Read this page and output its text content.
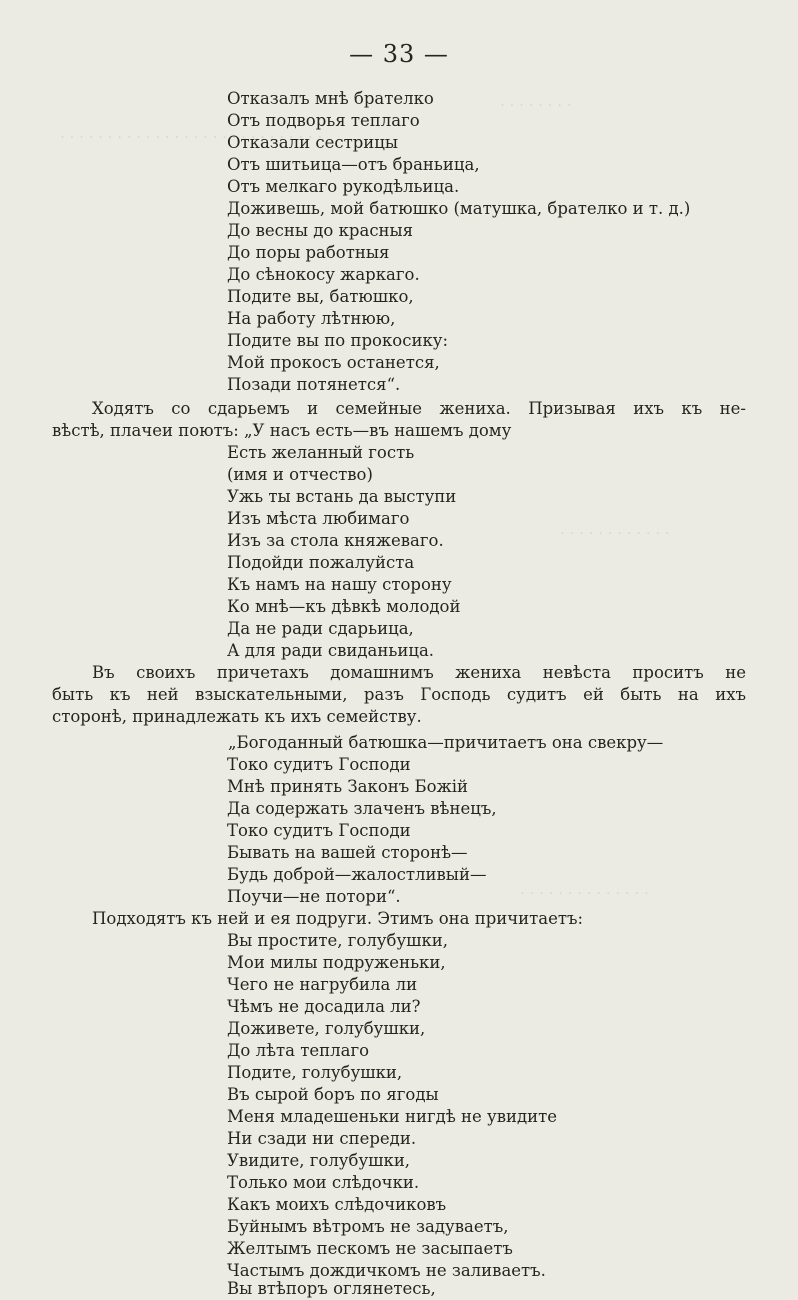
— 33 —
. . . . . . . .
. . . . . . . . . . . . . . . . . . . . . . . . . . . .
. . . . . . . . . . . .
. . . . . . . . . . . . . .
Отказалъ мнѣ брателко
Отъ подворья теплаго
Отказали сестрицы
Отъ шитьица—отъ браньица,
Отъ мелкаго рукодѣльица.
Доживешь, мой батюшко (матушка, брателко и т. д.)
До весны до красныя
До поры работныя
До сѣнокосу жаркаго.
Подите вы, батюшко,
На работу лѣтнюю,
Подите вы по прокосику:
Мой прокосъ останется,
Позади потянется“.
Ходятъ со сдарьемъ и семейные жениха. Призывая ихъ къ не-
вѣстѣ, плачеи поютъ: „У насъ есть—въ нашемъ дому
Есть желанный гость
(имя и отчество)
Ужь ты встань да выступи
Изъ мѣста любимаго
Изъ за стола княжеваго.
Подойди пожалуйста
Къ намъ на нашу сторону
Ко мнѣ—къ дѣвкѣ молодой
Да не ради сдарьица,
А для ради свиданьица.
Въ своихъ причетахъ домашнимъ жениха невѣста проситъ не
быть къ ней взыскательными, разъ Господь судитъ ей быть на ихъ
сторонѣ, принадлежать къ ихъ семейству.
„Богоданный батюшка—причитаетъ она свекру—
Токо судитъ Господи
Мнѣ принять Законъ Божій
Да содержать злаченъ вѣнецъ,
Токо судитъ Господи
Бывать на вашей сторонѣ—
Будь доброй—жалостливый—
Поучи—не потори“.
Подходятъ къ ней и ея подруги. Этимъ она причитаетъ:
Вы простите, голубушки,
Мои милы подруженьки,
Чего не нагрубила ли
Чѣмъ не досадила ли?
Доживете, голубушки,
До лѣта теплаго
Подите, голубушки,
Въ сырой боръ по ягоды
Меня младешеньки нигдѣ не увидите
Ни сзади ни спереди.
Увидите, голубушки,
Только мои слѣдочки.
Какъ моихъ слѣдочиковъ
Буйнымъ вѣтромъ не задуваетъ,
Желтымъ пескомъ не засыпаетъ
Частымъ дождичкомъ не заливаетъ.
Вы втѣпоръ оглянетесь,
